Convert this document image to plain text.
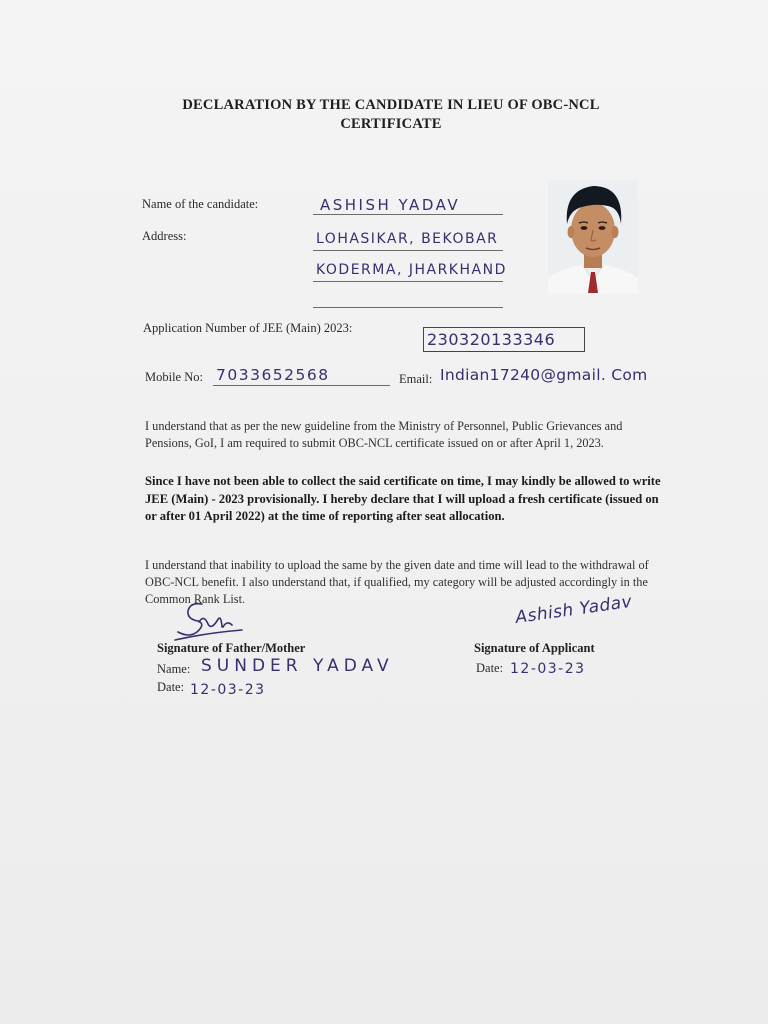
DECLARATION BY THE CANDIDATE IN LIEU OF OBC-NCL
CERTIFICATE
Name of the candidate:	ASHISH YADAV
Address:	LOHASIKAR, BEKOBAR
KODERMA, JHARKHAND
Application Number of JEE (Main) 2023:
230320133346
Mobile No: 7033652568	Email: Indian17240@gmail. Com
I understand that as per the new guideline from the Ministry of Personnel, Public Grievances and Pensions, GoI, I am required to submit OBC-NCL certificate issued on or after April 1, 2023.
Since I have not been able to collect the said certificate on time, I may kindly be allowed to write JEE (Main) - 2023 provisionally. I hereby declare that I will upload a fresh certificate (issued on or after 01 April 2022) at the time of reporting after seat allocation.
I understand that inability to upload the same by the given date and time will lead to the withdrawal of OBC-NCL benefit. I also understand that, if qualified, my category will be adjusted accordingly in the Common Rank List.
Signature of Father/Mother
Name: SUNDER YADAV
Date: 12-03-23
Ashish Yadav
Signature of Applicant
Date: 12-03-23
